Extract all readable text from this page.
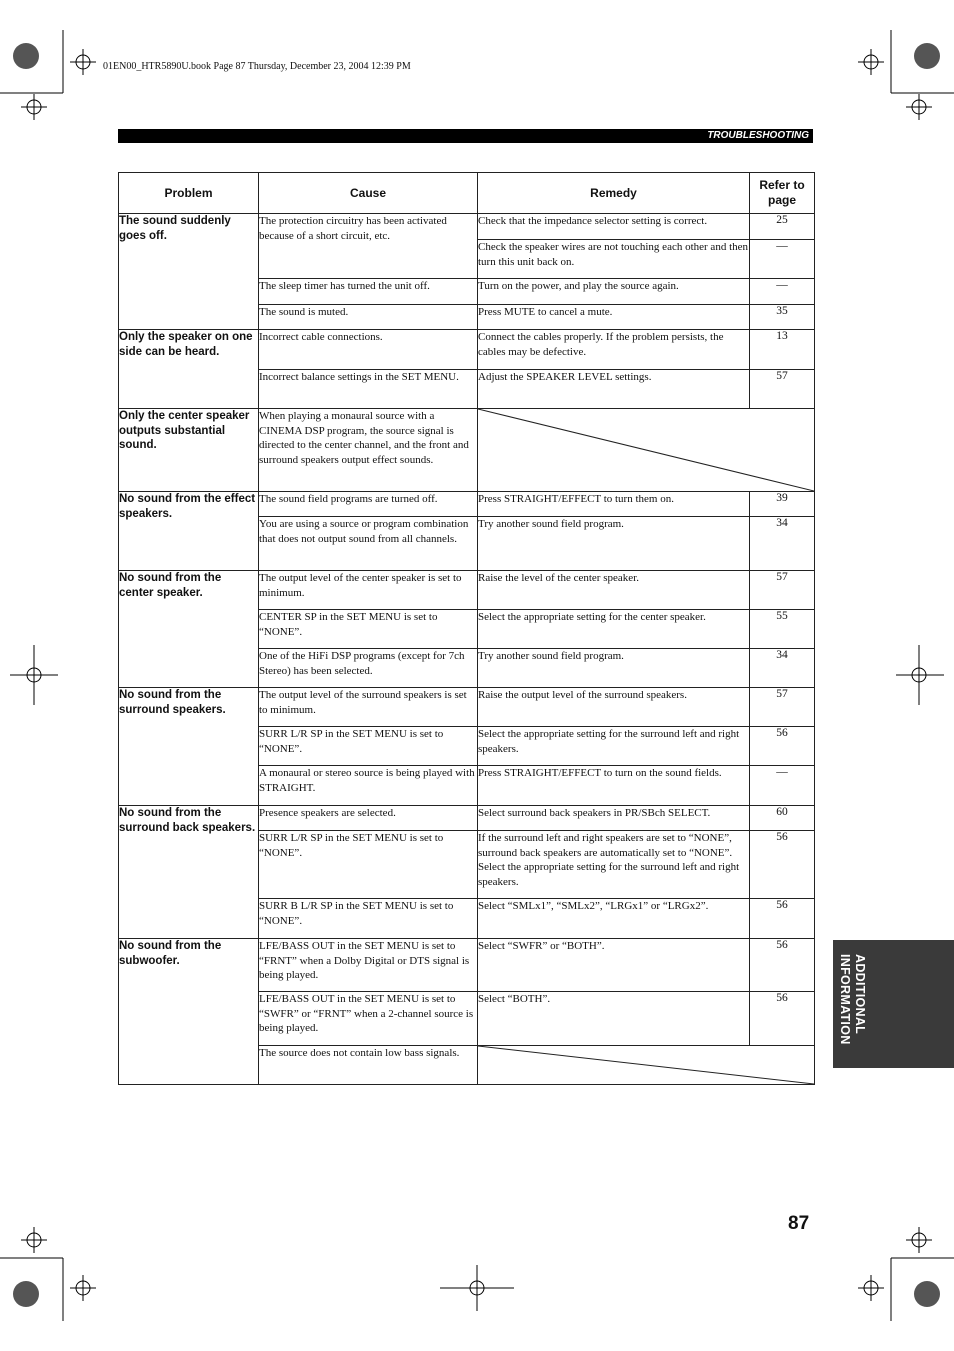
01EN00_HTR5890U.book Page 87 Thursday, December 23, 2004 12:39 PM
TROUBLESHOOTING
Problem	Cause	Remedy	Refer to page
The sound suddenly goes off.	The protection circuitry has been activated because of a short circuit, etc.	Check that the impedance selector setting is correct.	25
		Check the speaker wires are not touching each other and then turn this unit back on.	—
	The sleep timer has turned the unit off.	Turn on the power, and play the source again.	—
	The sound is muted.	Press MUTE to cancel a mute.	35
Only the speaker on one side can be heard.	Incorrect cable connections.	Connect the cables properly. If the problem persists, the cables may be defective.	13
	Incorrect balance settings in the SET MENU.	Adjust the SPEAKER LEVEL settings.	57
Only the center speaker outputs substantial sound.	When playing a monaural source with a CINEMA DSP program, the source signal is directed to the center channel, and the front and surround speakers output effect sounds.	

No sound from the effect speakers.	The sound field programs are turned off.	Press STRAIGHT/EFFECT to turn them on.	39
	You are using a source or program combination that does not output sound from all channels.	Try another sound field program.	34
No sound from the center speaker.	The output level of the center speaker is set to minimum.	Raise the level of the center speaker.	57
	CENTER SP in the SET MENU is set to “NONE”.	Select the appropriate setting for the center speaker.	55
	One of the HiFi DSP programs (except for 7ch Stereo) has been selected.	Try another sound field program.	34
No sound from the surround speakers.	The output level of the surround speakers is set to minimum.	Raise the output level of the surround speakers.	57
	SURR L/R SP in the SET MENU is set to “NONE”.	Select the appropriate setting for the surround left and right speakers.	56
	A monaural or stereo source is being played with STRAIGHT.	Press STRAIGHT/EFFECT to turn on the sound fields.	—
No sound from the surround back speakers.	Presence speakers are selected.	Select surround back speakers in PR/SBch SELECT.	60
	SURR L/R SP in the SET MENU is set to “NONE”.	If the surround left and right speakers are set to “NONE”, surround back speakers are automatically set to “NONE”. Select the appropriate setting for the surround left and right speakers.	56
	SURR B L/R SP in the SET MENU is set to “NONE”.	Select “SMLx1”, “SMLx2”, “LRGx1” or “LRGx2”.	56
No sound from the subwoofer.	LFE/BASS OUT in the SET MENU is set to “FRNT” when a Dolby Digital or DTS signal is being played.	Select “SWFR” or “BOTH”.	56
	LFE/BASS OUT in the SET MENU is set to “SWFR” or “FRNT” when a 2-channel source is being played.	Select “BOTH”.	56
	The source does not contain low bass signals.	
ADDITIONAL
INFORMATION
87
